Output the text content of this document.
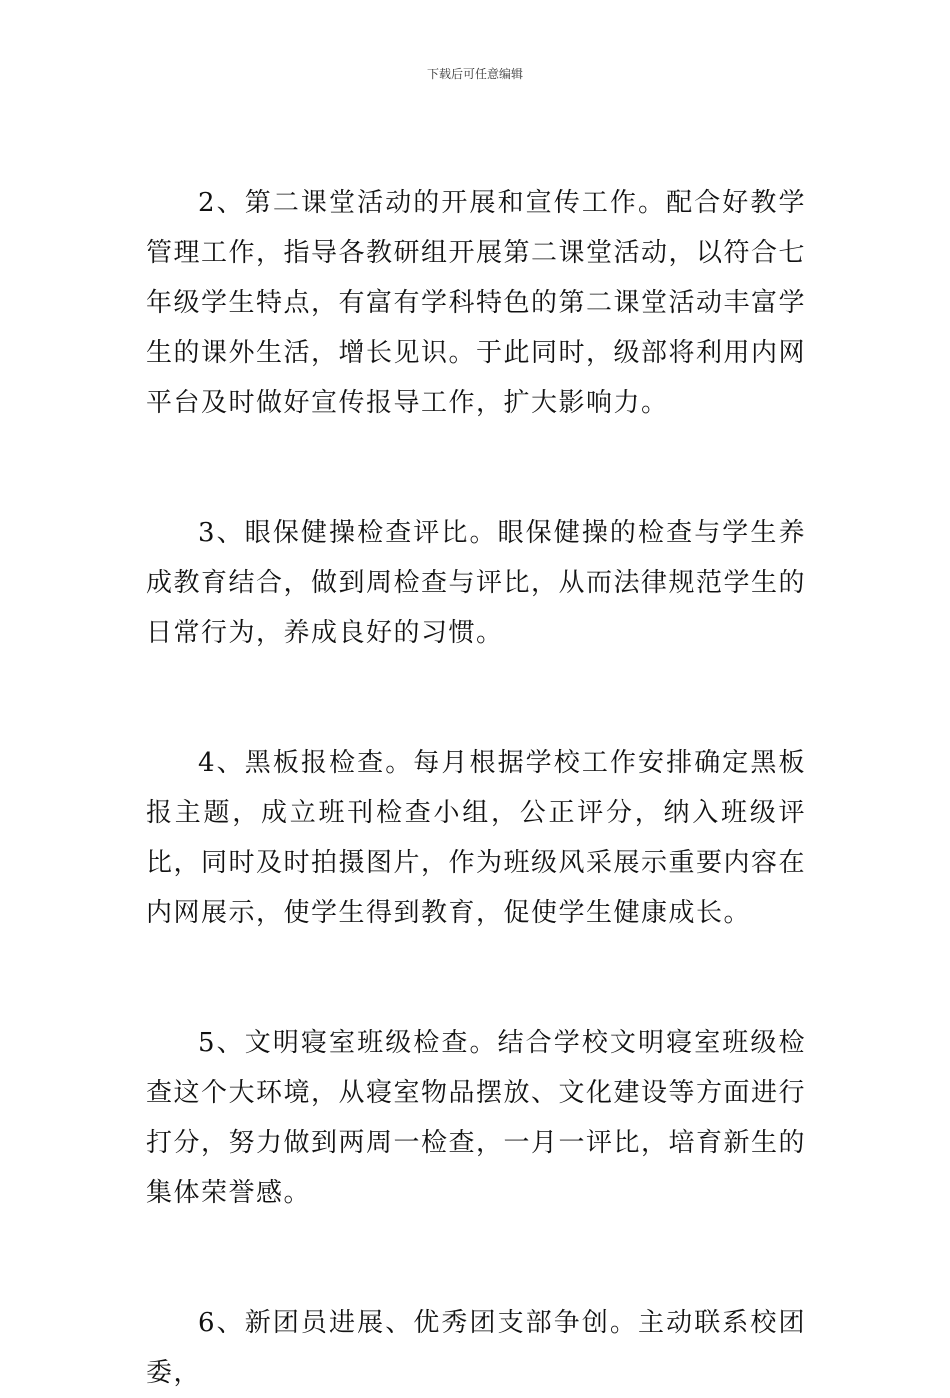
下载后可任意编辑

2、第二课堂活动的开展和宣传工作。配合好教学管理工作，指导各教研组开展第二课堂活动，以符合七年级学生特点，有富有学科特色的第二课堂活动丰富学生的课外生活，增长见识。于此同时，级部将利用内网平台及时做好宣传报导工作，扩大影响力。

3、眼保健操检查评比。眼保健操的检查与学生养成教育结合，做到周检查与评比，从而法律规范学生的日常行为，养成良好的习惯。

4、黑板报检查。每月根据学校工作安排确定黑板报主题，成立班刊检查小组，公正评分，纳入班级评比，同时及时拍摄图片，作为班级风采展示重要内容在内网展示，使学生得到教育，促使学生健康成长。

5、文明寝室班级检查。结合学校文明寝室班级检查这个大环境，从寝室物品摆放、文化建设等方面进行打分，努力做到两周一检查，一月一评比，培育新生的集体荣誉感。

6、新团员进展、优秀团支部争创。主动联系校团委，
